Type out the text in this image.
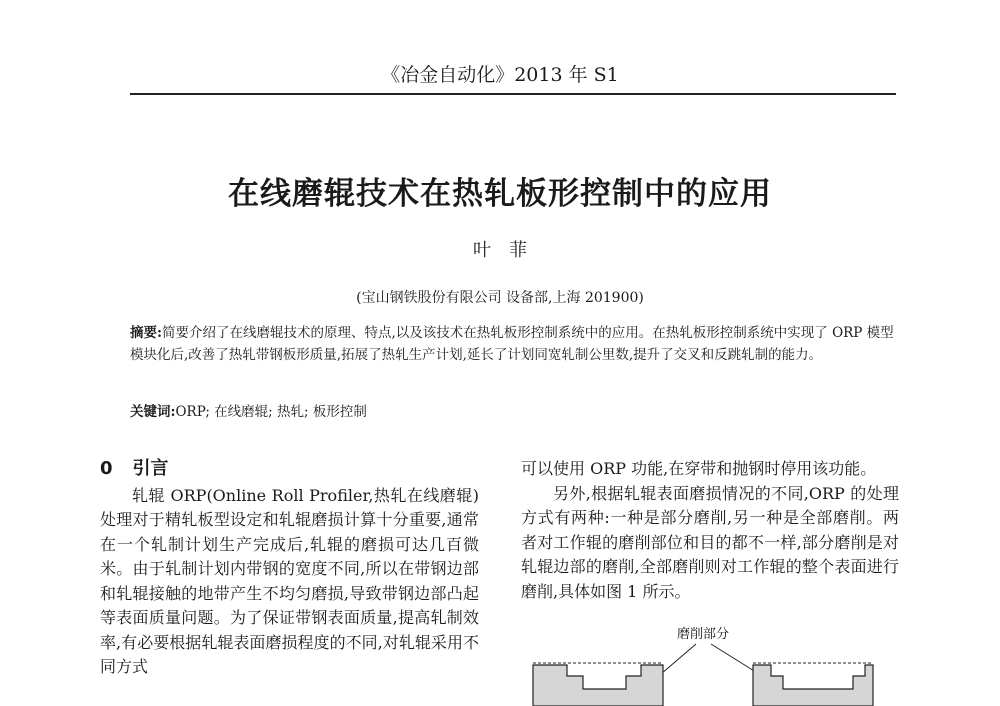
《冶金自动化》2013 年 S1
在线磨辊技术在热轧板形控制中的应用
叶　菲
(宝山钢铁股份有限公司 设备部,上海 201900)
摘要:简要介绍了在线磨辊技术的原理、特点,以及该技术在热轧板形控制系统中的应用。在热轧板形控制系统中实现了 ORP 模型模块化后,改善了热轧带钢板形质量,拓展了热轧生产计划,延长了计划同宽轧制公里数,提升了交叉和反跳轧制的能力。
关键词:ORP; 在线磨辊; 热轧; 板形控制
0 引言
轧辊 ORP(Online Roll Profiler,热轧在线磨辊)处理对于精轧板型设定和轧辊磨损计算十分重要,通常在一个轧制计划生产完成后,轧辊的磨损可达几百微米。由于轧制计划内带钢的宽度不同,所以在带钢边部和轧辊接触的地带产生不均匀磨损,导致带钢边部凸起等表面质量问题。为了保证带钢表面质量,提高轧制效率,有必要根据轧辊表面磨损程度的不同,对轧辊采用不同方式
可以使用 ORP 功能,在穿带和抛钢时停用该功能。
另外,根据轧辊表面磨损情况的不同,ORP 的处理方式有两种:一种是部分磨削,另一种是全部磨削。两者对工作辊的磨削部位和目的都不一样,部分磨削是对轧辊边部的磨削,全部磨削则对工作辊的整个表面进行磨削,具体如图 1 所示。
磨削部分
